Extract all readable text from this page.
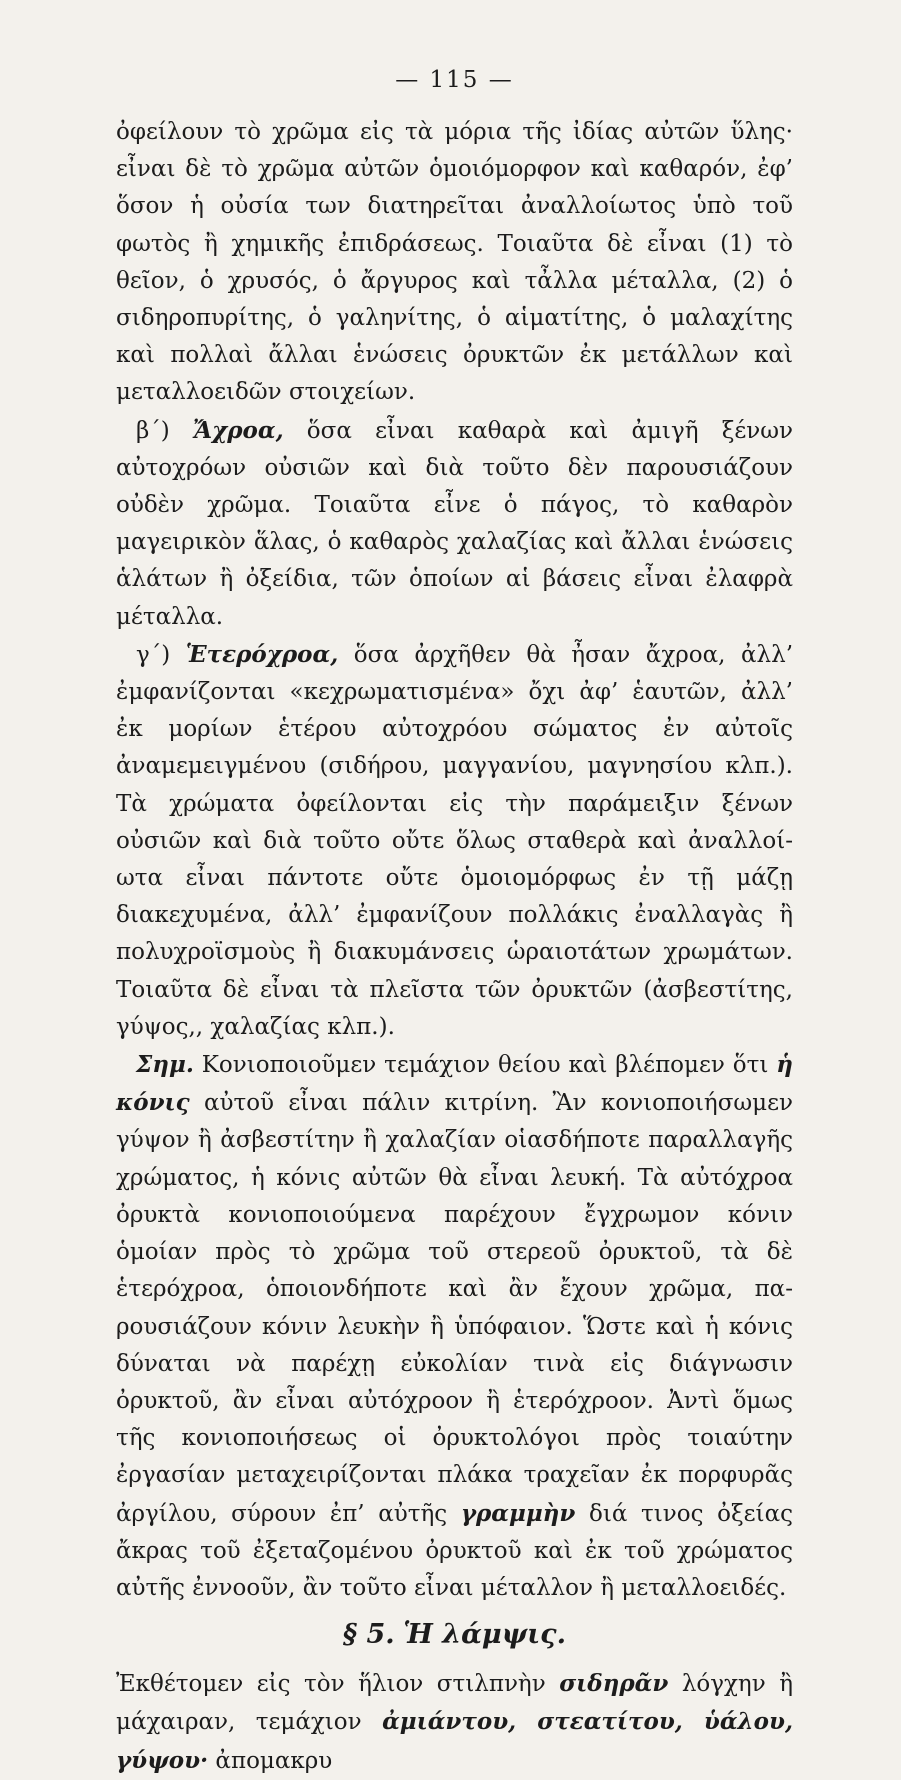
— 115 —

ὀφείλουν τὸ χρῶμα εἰς τὰ μόρια τῆς ἰδίας αὐτῶν ὕλης· εἶναι δὲ τὸ χρῶμα αὐτῶν ὁμοιόμορφον καὶ καθαρόν, ἐφ’ ὅσον ἡ οὐσία των διατηρεῖται ἀναλλοίωτος ὑπὸ τοῦ φωτὸς ἢ χημικῆς ἐπιδράσεως. Τοιαῦτα δὲ εἶναι (1) τὸ θεῖον, ὁ χρυσός, ὁ ἄργυρος καὶ τἆλλα μέταλλα, (2) ὁ σιδηροπυρίτης, ὁ γαληνίτης, ὁ αἱματίτης, ὁ μαλαχίτης καὶ πολλαὶ ἄλλαι ἑνώσεις ὀρυκτῶν ἐκ μετάλλων καὶ μεταλλοειδῶν στοιχείων.

β΄) Ἄχροα, ὅσα εἶναι καθαρὰ καὶ ἀμιγῆ ξένων αὐτοχρόων οὐσιῶν καὶ διὰ τοῦτο δὲν παρουσιάζουν οὐδὲν χρῶμα. Τοιαῦτα εἶνε ὁ πάγος, τὸ καθαρὸν μαγειρικὸν ἅλας, ὁ καθαρὸς χαλαζίας καὶ ἄλλαι ἑνώσεις ἁλάτων ἢ ὀξείδια, τῶν ὁποίων αἱ βάσεις εἶναι ἐλαφρὰ μέταλλα.

γ΄) Ἑτερόχροα, ὅσα ἀρχῆθεν θὰ ἦσαν ἄχροα, ἀλλ’ ἐμφανίζονται «κεχρωματισμένα» ὄχι ἀφ’ ἑαυτῶν, ἀλλ’ ἐκ μορίων ἑτέρου αὐτοχρόου σώματος ἐν αὐτοῖς ἀναμεμειγμένου (σιδήρου, μαγγανίου, μαγνησίου κλπ.). Τὰ χρώματα ὀφείλονται εἰς τὴν παράμειξιν ξένων οὐσιῶν καὶ διὰ τοῦτο οὔτε ὅλως σταθερὰ καὶ ἀναλλοίωτα εἶναι πάντοτε οὔτε ὁμοιομόρφως ἐν τῇ μάζῃ διακεχυμένα, ἀλλ’ ἐμφανίζουν πολλάκις ἐναλλαγὰς ἢ πολυχροϊσμοὺς ἢ διακυμάνσεις ὡραιοτάτων χρωμάτων. Τοιαῦτα δὲ εἶναι τὰ πλεῖστα τῶν ὀρυκτῶν (ἀσβεστίτης, γύψος,, χαλαζίας κλπ.).

Σημ. Κονιοποιοῦμεν τεμάχιον θείου καὶ βλέπομεν ὅτι ἡ κόνις αὐτοῦ εἶναι πάλιν κιτρίνη. Ἂν κονιοποιήσωμεν γύψον ἢ ἀσβεστίτην ἢ χαλαζίαν οἱασδήποτε παραλλαγῆς χρώματος, ἡ κόνις αὐτῶν θὰ εἶναι λευκή. Τὰ αὐτόχροα ὀρυκτὰ κονιοποιούμενα παρέχουν ἔγχρωμον κόνιν ὁμοίαν πρὸς τὸ χρῶμα τοῦ στερεοῦ ὀρυκτοῦ, τὰ δὲ ἑτερόχροα, ὁποιονδήποτε καὶ ἂν ἔχουν χρῶμα, παρουσιάζουν κόνιν λευκὴν ἢ ὑπόφαιον. Ὥστε καὶ ἡ κόνις δύναται νὰ παρέχῃ εὐκολίαν τινὰ εἰς διάγνωσιν ὀρυκτοῦ, ἂν εἶναι αὐτόχροον ἢ ἑτερόχροον. Ἀντὶ ὅμως τῆς κονιοποιήσεως οἱ ὀρυκτολόγοι πρὸς τοιαύτην ἐργασίαν μεταχειρίζονται πλάκα τραχεῖαν ἐκ πορφυρᾶς ἀργίλου, σύρουν ἐπ’ αὐτῆς γραμμὴν διά τινος ὀξείας ἄκρας τοῦ ἐξεταζομένου ὀρυκτοῦ καὶ ἐκ τοῦ χρώματος αὐτῆς ἐννοοῦν, ἂν τοῦτο εἶναι μέταλλον ἢ μεταλλοειδές.

§ 5. Ἡ λάμψις.

Ἐκθέτομεν εἰς τὸν ἥλιον στιλπνὴν σιδηρᾶν λόγχην ἢ μάχαιραν, τεμάχιον ἀμιάντου, στεατίτου, ὑάλου, γύψου· ἀπομακρυ
